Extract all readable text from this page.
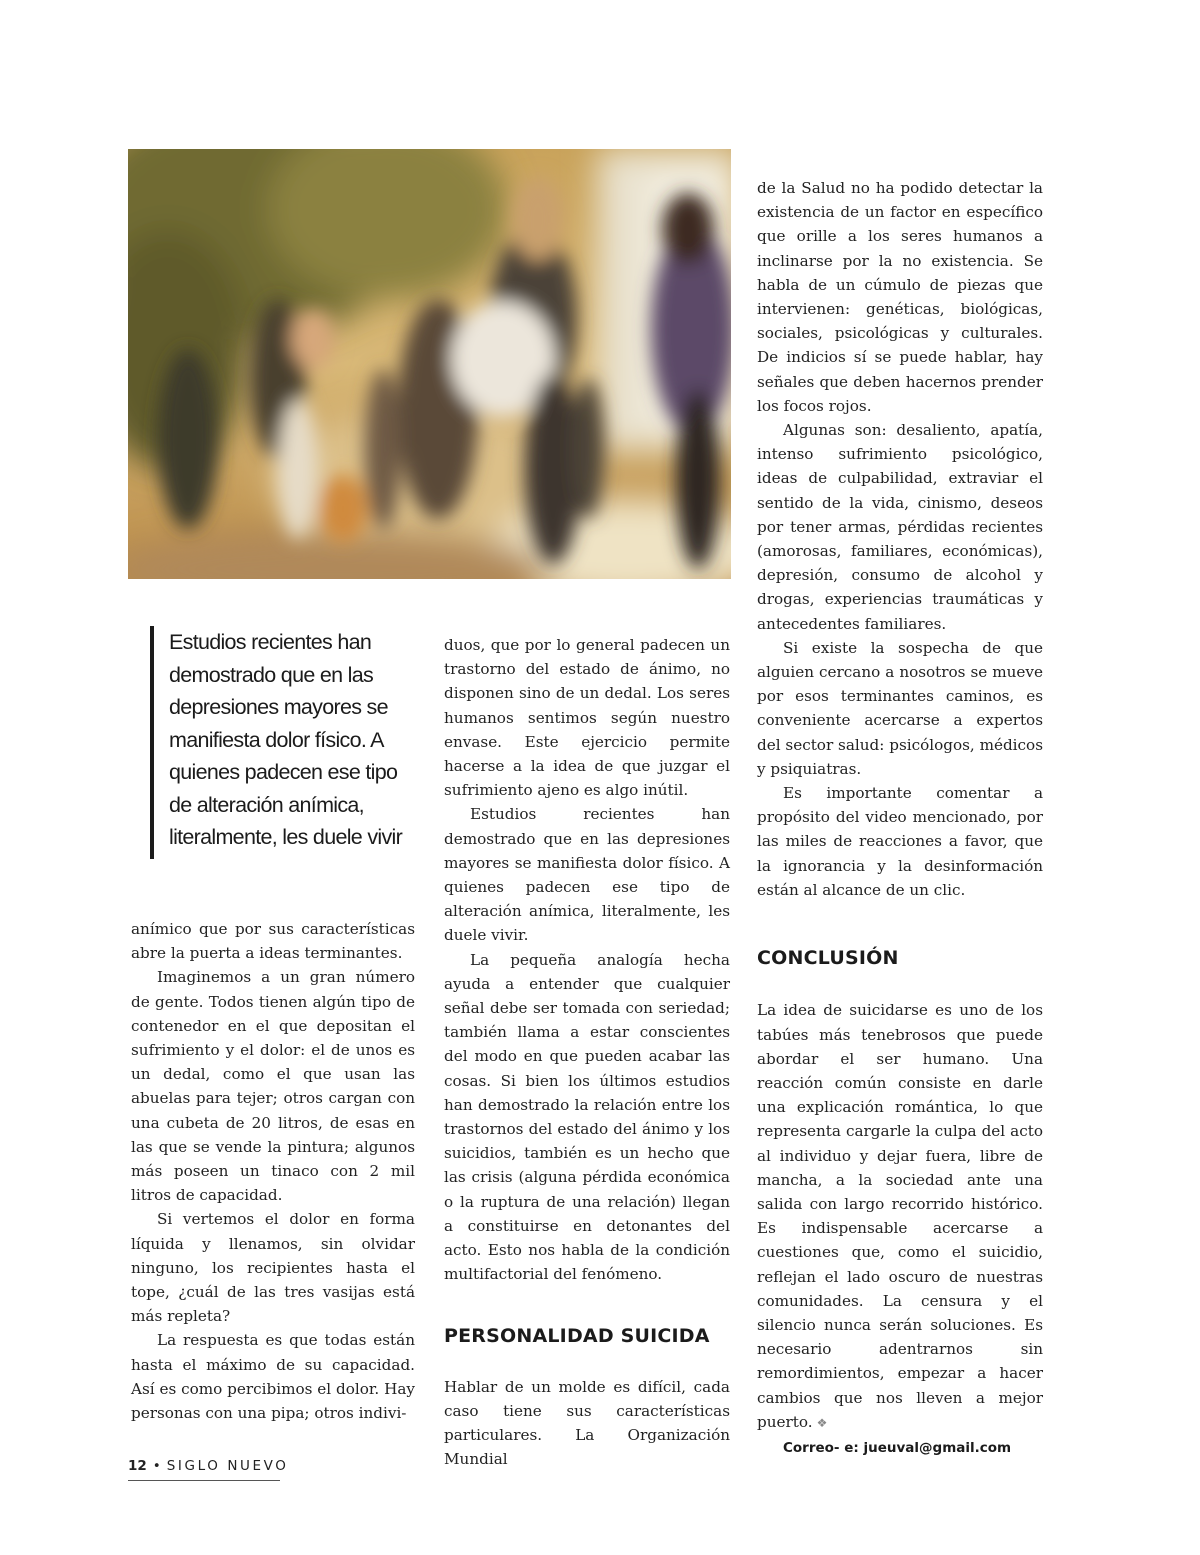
Estudios recientes han demostrado que en las depresiones mayores se manifiesta dolor físico. A quienes padecen ese tipo de alteración anímica, literalmente, les duele vivir

anímico que por sus características abre la puerta a ideas terminantes.

Imaginemos a un gran número de gente. Todos tienen algún tipo de contenedor en el que depositan el sufrimiento y el dolor: el de unos es un dedal, como el que usan las abuelas para tejer; otros cargan con una cubeta de 20 litros, de esas en las que se vende la pintura; algunos más poseen un tinaco con 2 mil litros de capacidad.

Si vertemos el dolor en forma líquida y llenamos, sin olvidar ninguno, los recipientes hasta el tope, ¿cuál de las tres vasijas está más repleta?

La respuesta es que todas están hasta el máximo de su capacidad. Así es como percibimos el dolor. Hay personas con una pipa; otros indivi-

duos, que por lo general padecen un trastorno del estado de ánimo, no disponen sino de un dedal. Los seres humanos sentimos según nuestro envase. Este ejercicio permite hacerse a la idea de que juzgar el sufrimiento ajeno es algo inútil.

Estudios recientes han demostrado que en las depresiones mayores se manifiesta dolor físico. A quienes padecen ese tipo de alteración anímica, literalmente, les duele vivir.

La pequeña analogía hecha ayuda a entender que cualquier señal debe ser tomada con seriedad; también llama a estar conscientes del modo en que pueden acabar las cosas. Si bien los últimos estudios han demostrado la relación entre los trastornos del estado del ánimo y los suicidios, también es un hecho que las crisis (alguna pérdida económica o la ruptura de una relación) llegan a constituirse en detonantes del acto. Esto nos habla de la condición multifactorial del fenómeno.

PERSONALIDAD SUICIDA

Hablar de un molde es difícil, cada caso tiene sus características particulares. La Organización Mundial

de la Salud no ha podido detectar la existencia de un factor en específico que orille a los seres humanos a inclinarse por la no existencia. Se habla de un cúmulo de piezas que intervienen: genéticas, biológicas, sociales, psicológicas y culturales. De indicios sí se puede hablar, hay señales que deben hacernos prender los focos rojos.

Algunas son: desaliento, apatía, intenso sufrimiento psicológico, ideas de culpabilidad, extraviar el sentido de la vida, cinismo, deseos por tener armas, pérdidas recientes (amorosas, familiares, económicas), depresión, consumo de alcohol y drogas, experiencias traumáticas y antecedentes familiares.

Si existe la sospecha de que alguien cercano a nosotros se mueve por esos terminantes caminos, es conveniente acercarse a expertos del sector salud: psicólogos, médicos y psiquiatras.

Es importante comentar a propósito del video mencionado, por las miles de reacciones a favor, que la ignorancia y la desinformación están al alcance de un clic.

CONCLUSIÓN

La idea de suicidarse es uno de los tabúes más tenebrosos que puede abordar el ser humano. Una reacción común consiste en darle una explicación romántica, lo que representa cargarle la culpa del acto al individuo y dejar fuera, libre de mancha, a la sociedad ante una salida con largo recorrido histórico. Es indispensable acercarse a cuestiones que, como el suicidio, reflejan el lado oscuro de nuestras comunidades. La censura y el silencio nunca serán soluciones. Es necesario adentrarnos sin remordimientos, empezar a hacer cambios que nos lleven a mejor puerto. ❖

Correo- e: jueuval@gmail.com

12 • SIGLO NUEVO
